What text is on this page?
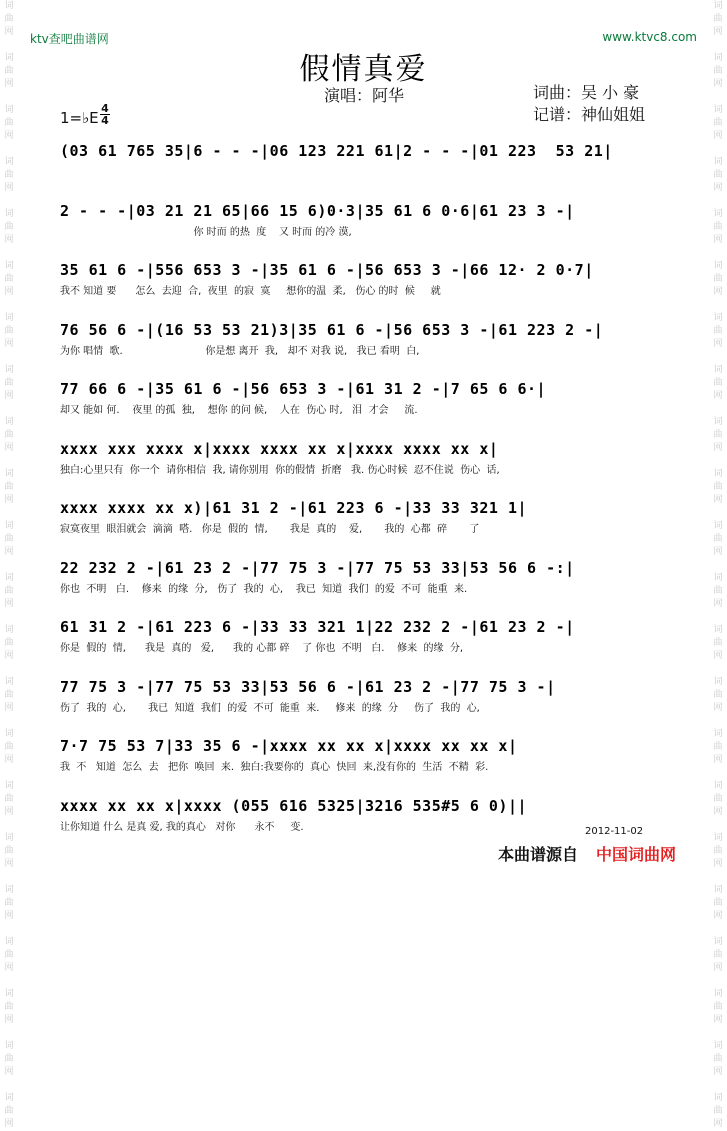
词曲网

词曲网

词曲网

词曲网

词曲网

词曲网

词曲网

词曲网

词曲网

词曲网

词曲网

词曲网

词曲网

词曲网

词曲网

词曲网

词曲网

词曲网

词曲网

词曲网

词曲网

词曲网

词曲网

词曲网

词曲网

词曲网

词曲网

词曲网

词曲网

词曲网

词曲网

词曲网

词曲网

词曲网

词曲网

词曲网

词曲网

词曲网

词曲网

词曲网

词曲网

词曲网

词曲网

词曲网

ktv查吧曲谱网	www.ktvc8.com
假情真爱
演唱：阿华	词曲：吴 小 豪
记谱：神仙姐姐
1=♭E
4
4
(03 61 765 35|6 - - -|06 123 221 61|2 - - -|01 223  53 21|
2 - - -|03 21 21 65|66 15 6)0·3|35 61 6 0·6|61 23 3 -|
你 时而 的热  度    又 时而 的冷 漠,
35 61 6 -|556 653 3 -|35 61 6 -|56 653 3 -|66 12· 2 0·7|
我不 知道 要      怎么  去迎  合,  夜里  的寂  寞     想你的温  柔,   伤心 的时  候     就
76 56 6 -|(16 53 53 21)3|35 61 6 -|56 653 3 -|61 223 2 -|
为你 唱情  歌.                          你是想 离开  我,   却不 对我 说,   我已 看明  白,
77 66 6 -|35 61 6 -|56 653 3 -|61 31 2 -|7 65 6 6·|
却又 能如 何.    夜里 的孤  独,    想你 的问 候,    人在  伤心 时,   泪  才会     流.
xxxx xxx xxxx x|xxxx xxxx xx x|xxxx xxxx xx x|
独白:心里只有  你一个  请你相信  我, 请你别用  你的假情  折磨   我. 伤心时候  忍不住说  伤心  话,
xxxx xxxx xx x)|61 31 2 -|61 223 6 -|33 33 321 1|
寂寞夜里  眼泪就会  滴滴  嗒.   你是  假的  情,       我是  真的    爱,       我的  心都  碎       了
22 232 2 -|61 23 2 -|77 75 3 -|77 75 53 33|53 56 6 -:|
你也  不明   白.    修来  的缘  分,   伤了  我的  心,    我已  知道  我们  的爱  不可  能重  来.
61 31 2 -|61 223 6 -|33 33 321 1|22 232 2 -|61 23 2 -|
你是  假的  情,      我是  真的   爱,      我的 心都 碎    了 你也  不明   白.    修来  的缘  分,
77 75 3 -|77 75 53 33|53 56 6 -|61 23 2 -|77 75 3 -|
伤了  我的  心,       我已  知道  我们  的爱  不可  能重  来.     修来  的缘  分     伤了  我的  心,
7·7 75 53 7|33 35 6 -|xxxx xx xx x|xxxx xx xx x|
我  不   知道  怎么  去   把你  唤回  来.  独白:我要你的  真心  快回  来,没有你的  生活  不精  彩.
xxxx xx xx x|xxxx (055 616 5325|3216 535#5 6 0)||
让你知道 什么 是真 爱, 我的真心   对你      永不     变.	2012-11-02
本曲谱源自 中国词曲网
